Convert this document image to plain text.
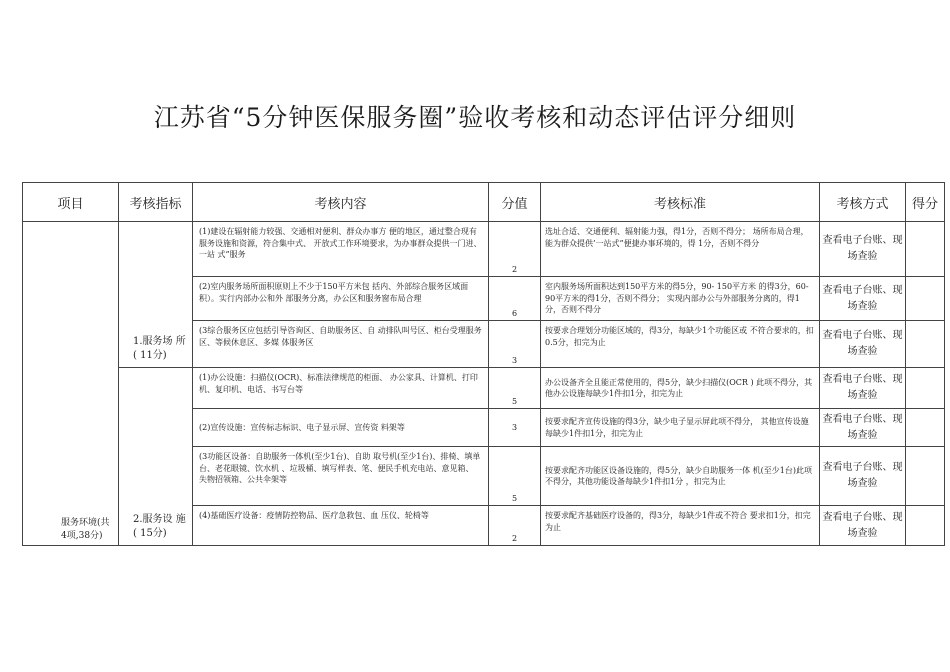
江苏省“5分钟医保服务圈”验收考核和动态评估评分细则
项目	考核指标	考核内容	分值	考核标准	考核方式	得分

服务环境(共4项,38分)	1.服务场 所 ( 11分)	(1)建设在辐射能力较强、交通相对便利、群众办事方 便的地区，通过整合现有服务设施和资源，符合集中式、 开放式工作环境要求，为办事群众提供一门进、一站 式”服务	2	选址合适、交通便利、辐射能力强，得1分，否则不得分； 场所布局合理，能为群众提供’一站式”便捷办事环境的，得 1分，否则不得分	查看电子台账、现场查验	
		(2)室内服务场所面积原则上不少于150平方米包 括内、外部综合服务区域面积）。实行内部办公和外 部服务分离，办公区和服务窗布局合理	6	室内服务场所面积达到150平方米的得5分，90- 150平方米 的得3分，60-90平方米的得1分，否则不得分； 实现内部办公与外部服务分离的，得1分，否则不得分	查看电子台账、现场查验	
		(3综合服务区应包括引导咨询区、自助服务区、自 动排队叫号区、柜台受理服务区、等候休息区、多媒 体服务区	3	按要求合理划分功能区域的，得3分，每缺少1个功能区或 不符合要求的，扣0.5分，扣完为止	查看电子台账、现场查验	
	2.服务设 施 ( 15分)	(1)办公设施：扫描仪(OCR)、标准法律规范的柜面、 办公家具、计算机、打印机、复印机、电话、书写台等	5	办公设备齐全且能正常使用的，得5分，缺少扫描仪(OCR ) 此项不得分，其他办公设施每缺少1件扣1分，扣完为止	查看电子台账、现场查验	
		(2)宣传设施：宣传标志标识、电子显示屏、宣传资 料架等	3	按要求配齐宣传设施的得3分，缺少电子显示屏此项不得分， 其他宣传设施每缺少1件扣1分，扣完为止	查看电子台账、现场查验	
		(3功能区设备：自助服务一体机(至少1台)、自助 取号机(至少1台)、排椅、填单台、老花眼镜、饮水机 、垃圾桶、填写样表、笔、便民手机充电站、意见箱、 失物招领箱、公共伞架等	5	按要求配齐功能区设备设施的，得5分，缺少自助服务一体 机(至少1台)此项不得分，其他功能设备每缺少1件扣1分 ，扣完为止	查看电子台账、现场查验	
		(4)基础医疗设备：疫情防控物品、医疗急救包、血 压仪、轮椅等	2	按要求配齐基础医疗设备的，得3分，每缺少1件或不符合 要求扣1分，扣完为止	查看电子台账、现场查验	
